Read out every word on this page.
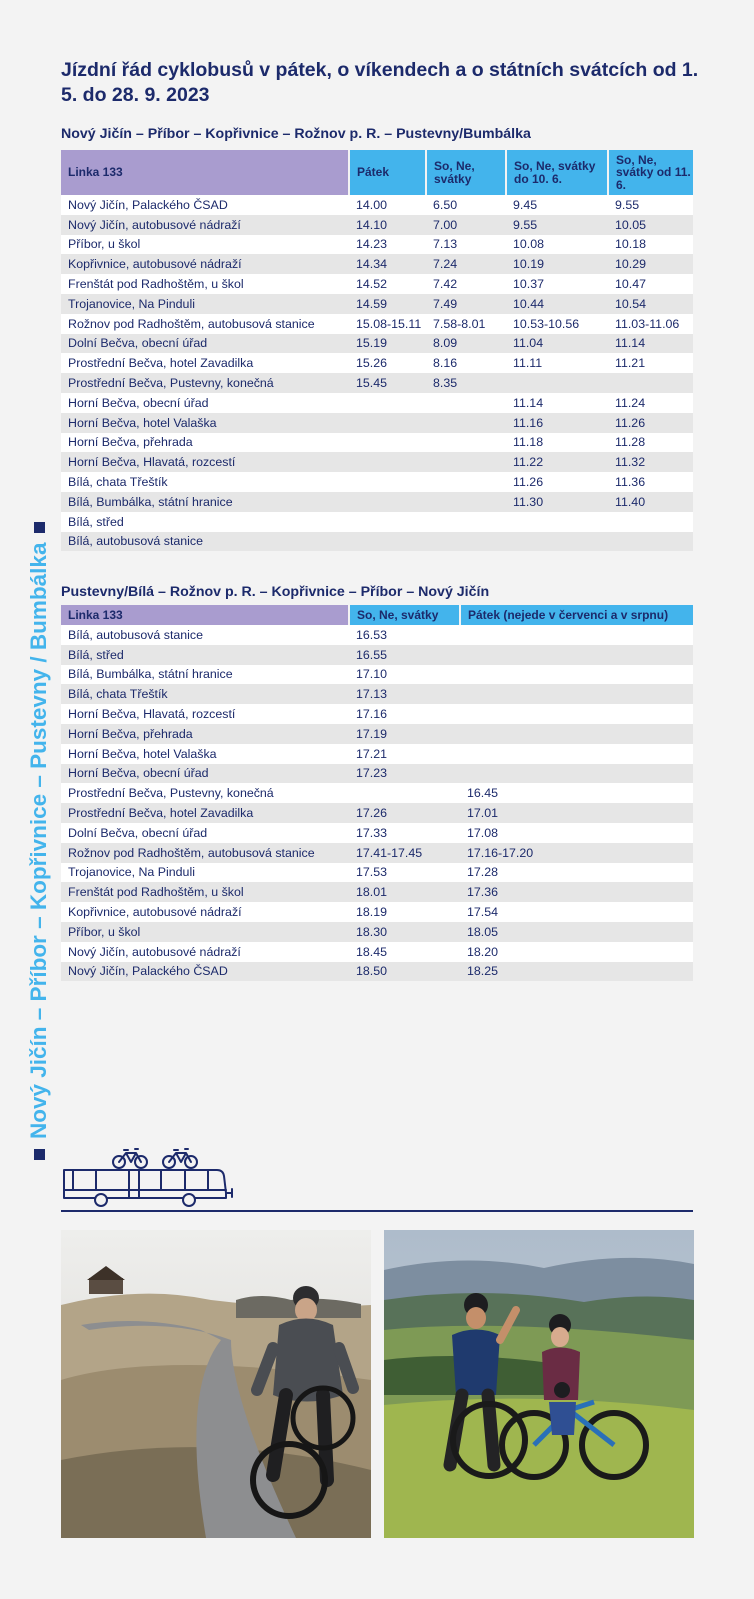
Jízdní řád cyklobusů v pátek, o víkendech a o státních svátcích od 1. 5. do 28. 9. 2023
Nový Jičín – Příbor – Kopřivnice – Rožnov p. R. – Pustevny/Bumbálka
Linka 133	Pátek	So, Ne, svátky	So, Ne, svátky do 10. 6.	So, Ne, svátky od 11. 6.
Nový Jičín, Palackého ČSAD	14.00	6.50	9.45	9.55
Nový Jičín, autobusové nádraží	14.10	7.00	9.55	10.05
Příbor, u škol	14.23	7.13	10.08	10.18
Kopřivnice, autobusové nádraží	14.34	7.24	10.19	10.29
Frenštát pod Radhoštěm, u škol	14.52	7.42	10.37	10.47
Trojanovice, Na Pinduli	14.59	7.49	10.44	10.54
Rožnov pod Radhoštěm, autobusová stanice	15.08-15.11	7.58-8.01	10.53-10.56	11.03-11.06
Dolní Bečva, obecní úřad	15.19	8.09	11.04	11.14
Prostřední Bečva, hotel Zavadilka	15.26	8.16	11.11	11.21
Prostřední Bečva, Pustevny, konečná	15.45	8.35		
Horní Bečva, obecní úřad			11.14	11.24
Horní Bečva, hotel Valaška			11.16	11.26
Horní Bečva, přehrada			11.18	11.28
Horní Bečva, Hlavatá, rozcestí			11.22	11.32
Bílá, chata Třeštík			11.26	11.36
Bílá, Bumbálka, státní hranice			11.30	11.40
Bílá, střed				
Bílá, autobusová stanice				
Pustevny/Bílá – Rožnov p. R. – Kopřivnice – Příbor – Nový Jičín
Linka 133	So, Ne, svátky	Pátek (nejede v červenci a v srpnu)
Bílá, autobusová stanice	16.53	
Bílá, střed	16.55	
Bílá, Bumbálka, státní hranice	17.10	
Bílá, chata Třeštík	17.13	
Horní Bečva, Hlavatá, rozcestí	17.16	
Horní Bečva, přehrada	17.19	
Horní Bečva, hotel Valaška	17.21	
Horní Bečva, obecní úřad	17.23	
Prostřední Bečva, Pustevny, konečná		16.45
Prostřední Bečva, hotel Zavadilka	17.26	17.01
Dolní Bečva, obecní úřad	17.33	17.08
Rožnov pod Radhoštěm, autobusová stanice	17.41-17.45	17.16-17.20
Trojanovice, Na Pinduli	17.53	17.28
Frenštát pod Radhoštěm, u škol	18.01	17.36
Kopřivnice, autobusové nádraží	18.19	17.54
Příbor, u škol	18.30	18.05
Nový Jičín, autobusové nádraží	18.45	18.20
Nový Jičín, Palackého ČSAD	18.50	18.25
Nový Jičín – Příbor – Kopřivnice – Pustevny / Bumbálka
